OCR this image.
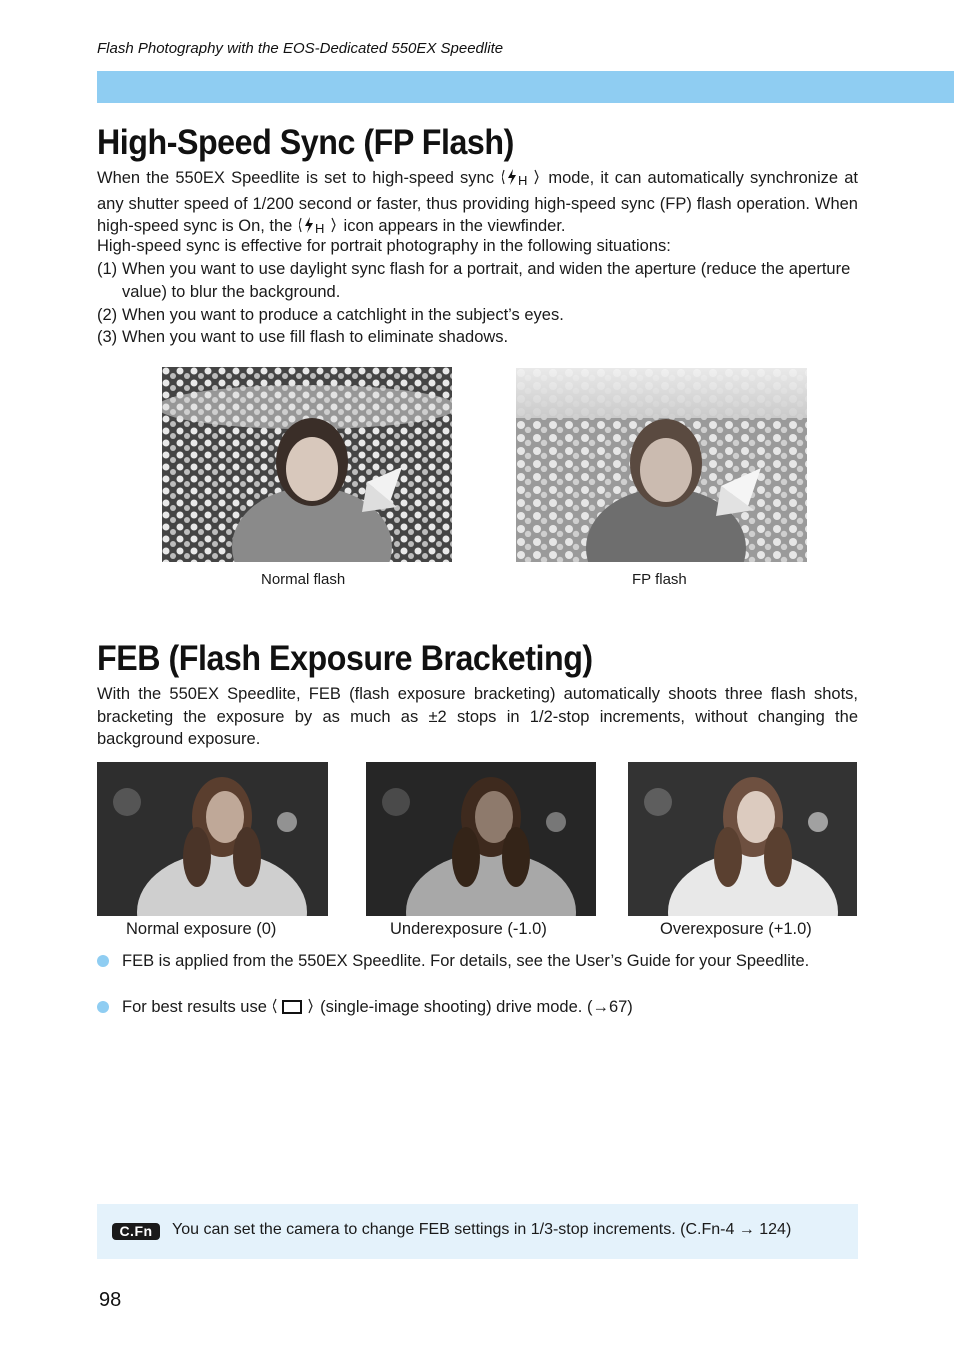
Flash Photography with the EOS-Dedicated 550EX Speedlite
High-Speed Sync (FP Flash)
When the 550EX Speedlite is set to high-speed sync H mode, it can automatically synchronize at any shutter speed of 1/200 second or faster, thus providing high-speed sync (FP) flash operation. When high-speed sync is On, the H icon appears in the viewfinder.
High-speed sync is effective for portrait photography in the following situations:
(1) When you want to use daylight sync flash for a portrait, and widen the aperture (reduce the aperture value) to blur the background.
(2) When you want to produce a catchlight in the subject’s eyes.
(3) When you want to use fill flash to eliminate shadows.
Normal flash	FP flash
FEB (Flash Exposure Bracketing)
With the 550EX Speedlite, FEB (flash exposure bracketing) automatically shoots three flash shots, bracketing the exposure by as much as ±2 stops in 1/2-stop increments, without changing the background exposure.
Normal exposure (0)	Underexposure (-1.0)	Overexposure (+1.0)
FEB is applied from the 550EX Speedlite. For details, see the User’s Guide for your Speedlite.
For best results use	(single-image shooting) drive mode. (→67)
C.Fn	You can set the camera to change FEB settings in 1/3-stop increments. (C.Fn-4 → 124)
98
